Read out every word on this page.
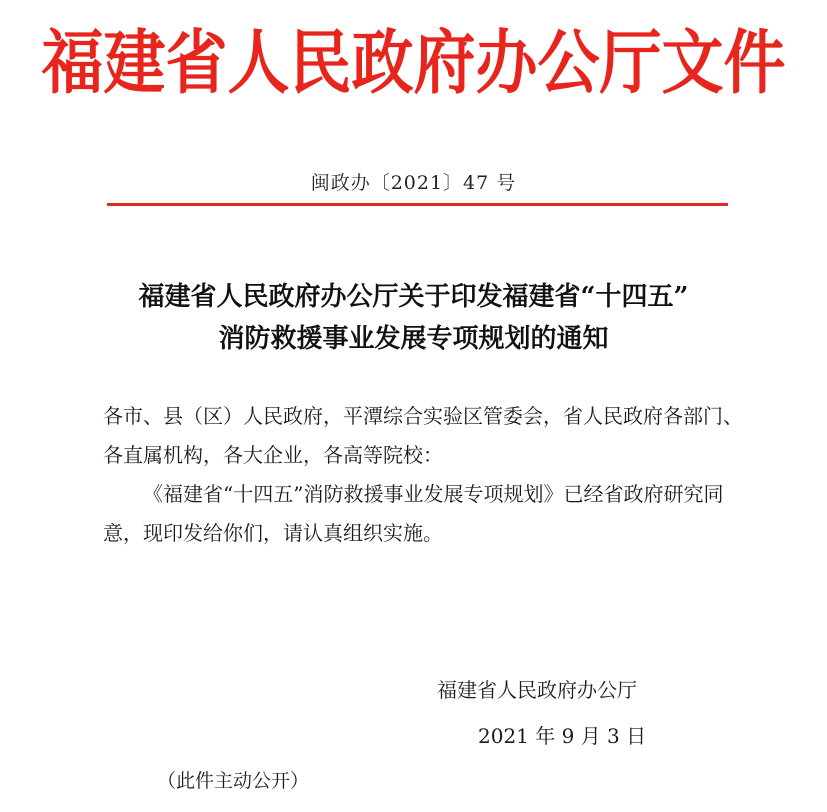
福建省人民政府办公厅文件
闽政办〔2021〕47 号
福建省人民政府办公厅关于印发福建省“十四五”
消防救援事业发展专项规划的通知

各市、县（区）人民政府，平潭综合实验区管委会，省人民政府各部门、各直属机构，各大企业，各高等院校：

《福建省“十四五”消防救援事业发展专项规划》已经省政府研究同意，现印发给你们，请认真组织实施。

福建省人民政府办公厅
2021 年 9 月 3 日
（此件主动公开）
